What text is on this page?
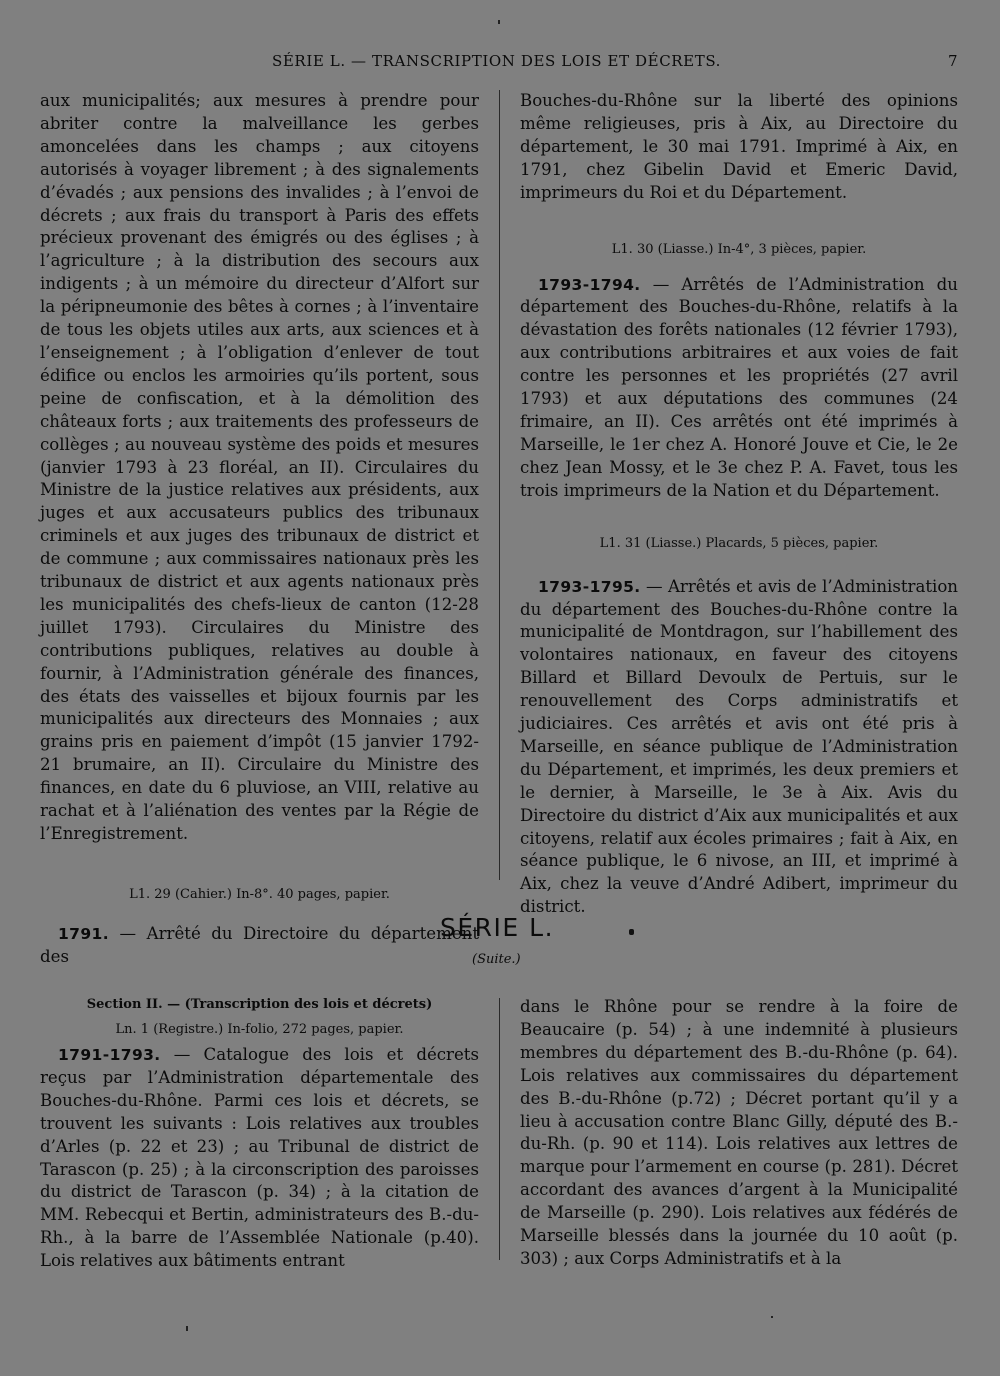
SÉRIE L. — TRANSCRIPTION DES LOIS ET DÉCRETS.	7

aux municipalités; aux mesures à prendre pour abriter contre la malveillance les gerbes amoncelées dans les champs ; aux citoyens autorisés à voyager librement ; à des signalements d’évadés ; aux pensions des invalides ; à l’envoi de décrets ; aux frais du transport à Paris des effets précieux provenant des émigrés ou des églises ; à l’agriculture ; à la distribution des secours aux indigents ; à un mémoire du directeur d’Alfort sur la péripneumonie des bêtes à cornes ; à l’inventaire de tous les objets utiles aux arts, aux sciences et à l’enseignement ; à l’obligation d’enlever de tout édifice ou enclos les armoiries qu’ils portent, sous peine de confiscation, et à la démolition des châteaux forts ; aux traitements des professeurs de collèges ; au nouveau système des poids et mesures (janvier 1793 à 23 floréal, an II). Circulaires du Ministre de la justice relatives aux présidents, aux juges et aux accusateurs publics des tribunaux criminels et aux juges des tribunaux de district et de commune ; aux commissaires nationaux près les tribunaux de district et aux agents nationaux près les municipalités des chefs-lieux de canton (12-28 juillet 1793). Circulaires du Ministre des contributions publiques, relatives au double à fournir, à l’Administration générale des finances, des états des vaisselles et bijoux fournis par les municipalités aux directeurs des Monnaies ; aux grains pris en paiement d’impôt (15 janvier 1792-21 brumaire, an II). Circulaire du Ministre des finances, en date du 6 pluviose, an VIII, relative au rachat et à l’aliénation des ventes par la Régie de l’Enregistrement.

L1. 29 (Cahier.) In-8°. 40 pages, papier.

1791. — Arrêté du Directoire du département des

Bouches-du-Rhône sur la liberté des opinions même religieuses, pris à Aix, au Directoire du département, le 30 mai 1791. Imprimé à Aix, en 1791, chez Gibelin David et Emeric David, imprimeurs du Roi et du Département.

L1. 30 (Liasse.) In-4°, 3 pièces, papier.

1793-1794. — Arrêtés de l’Administration du département des Bouches-du-Rhône, relatifs à la dévastation des forêts nationales (12 février 1793), aux contributions arbitraires et aux voies de fait contre les personnes et les propriétés (27 avril 1793) et aux députations des communes (24 frimaire, an II). Ces arrêtés ont été imprimés à Marseille, le 1er chez A. Honoré Jouve et Cie, le 2e chez Jean Mossy, et le 3e chez P. A. Favet, tous les trois imprimeurs de la Nation et du Département.

L1. 31 (Liasse.) Placards, 5 pièces, papier.

1793-1795. — Arrêtés et avis de l’Administration du département des Bouches-du-Rhône contre la municipalité de Montdragon, sur l’habillement des volontaires nationaux, en faveur des citoyens Billard et Billard Devoulx de Pertuis, sur le renouvellement des Corps administratifs et judiciaires. Ces arrêtés et avis ont été pris à Marseille, en séance publique de l’Administration du Département, et imprimés, les deux premiers et le dernier, à Marseille, le 3e à Aix. Avis du Directoire du district d’Aix aux municipalités et aux citoyens, relatif aux écoles primaires ; fait à Aix, en séance publique, le 6 nivose, an III, et imprimé à Aix, chez la veuve d’André Adibert, imprimeur du district.

SÉRIE L.
(Suite.)

Section II. — (Transcription des lois et décrets)

Ln. 1 (Registre.) In-folio, 272 pages, papier.

1791-1793. — Catalogue des lois et décrets reçus par l’Administration départementale des Bouches-du-Rhône. Parmi ces lois et décrets, se trouvent les suivants : Lois relatives aux troubles d’Arles (p. 22 et 23) ; au Tribunal de district de Tarascon (p. 25) ; à la circonscription des paroisses du district de Tarascon (p. 34) ; à la citation de MM. Rebecqui et Bertin, administrateurs des B.-du-Rh., à la barre de l’Assemblée Nationale (p.40). Lois relatives aux bâtiments entrant

dans le Rhône pour se rendre à la foire de Beaucaire (p. 54) ; à une indemnité à plusieurs membres du département des B.-du-Rhône (p. 64). Lois relatives aux commissaires du département des B.-du-Rhône (p.72) ; Décret portant qu’il y a lieu à accusation contre Blanc Gilly, député des B.-du-Rh. (p. 90 et 114). Lois relatives aux lettres de marque pour l’armement en course (p. 281). Décret accordant des avances d’argent à la Municipalité de Marseille (p. 290). Lois relatives aux fédérés de Marseille blessés dans la journée du 10 août (p. 303) ; aux Corps Administratifs et à la
